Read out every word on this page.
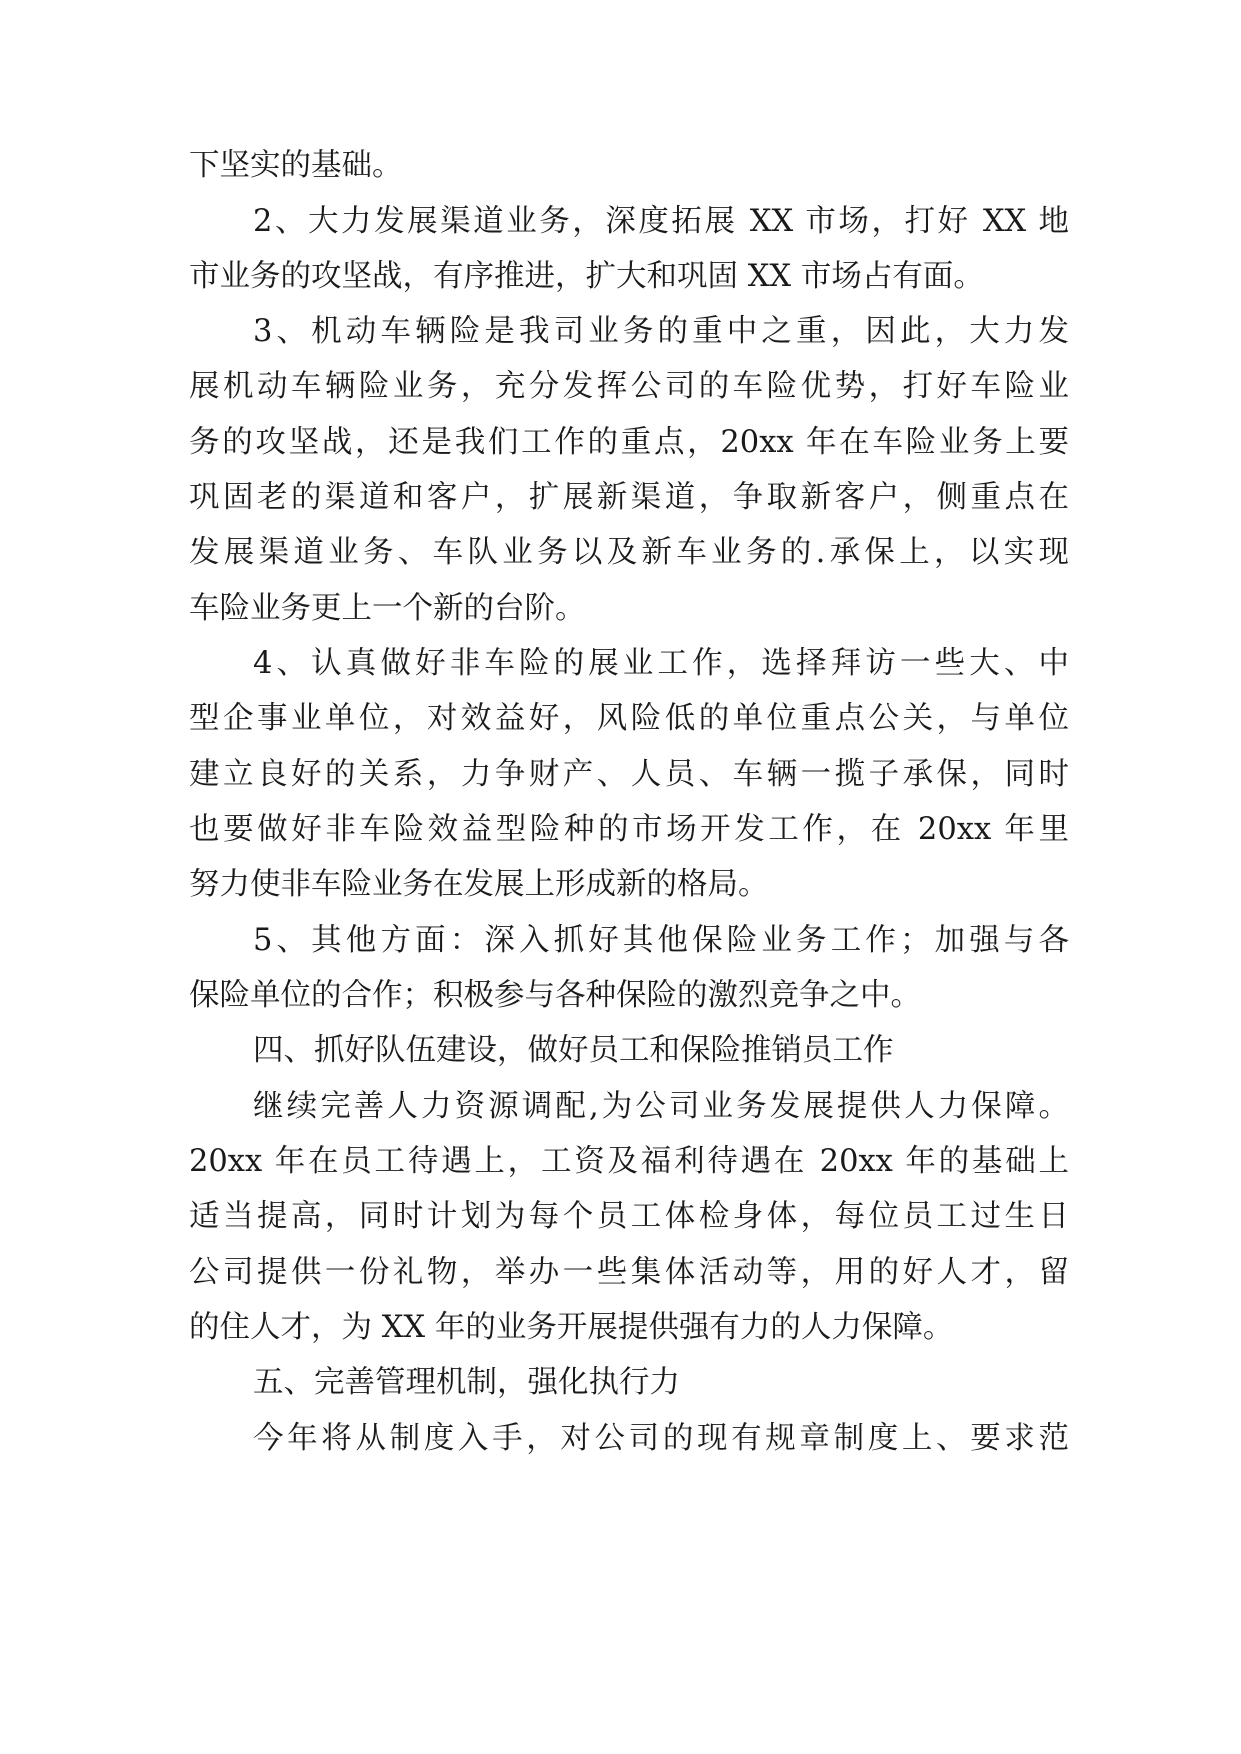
下坚实的基础。
2、大力发展渠道业务，深度拓展 XX 市场，打好 XX 地
市业务的攻坚战，有序推进，扩大和巩固 XX 市场占有面。
3、机动车辆险是我司业务的重中之重，因此，大力发
展机动车辆险业务，充分发挥公司的车险优势，打好车险业
务的攻坚战，还是我们工作的重点，20xx 年在车险业务上要
巩固老的渠道和客户，扩展新渠道，争取新客户，侧重点在
发展渠道业务、车队业务以及新车业务的.承保上，以实现
车险业务更上一个新的台阶。
4、认真做好非车险的展业工作，选择拜访一些大、中
型企事业单位，对效益好，风险低的单位重点公关，与单位
建立良好的关系，力争财产、人员、车辆一揽子承保，同时
也要做好非车险效益型险种的市场开发工作，在 20xx 年里
努力使非车险业务在发展上形成新的格局。
5、其他方面：深入抓好其他保险业务工作；加强与各
保险单位的合作；积极参与各种保险的激烈竞争之中。
四、抓好队伍建设，做好员工和保险推销员工作
继续完善人力资源调配,为公司业务发展提供人力保障。
20xx 年在员工待遇上，工资及福利待遇在 20xx 年的基础上
适当提高，同时计划为每个员工体检身体，每位员工过生日
公司提供一份礼物，举办一些集体活动等，用的好人才，留
的住人才，为 XX 年的业务开展提供强有力的人力保障。
五、完善管理机制，强化执行力
今年将从制度入手，对公司的现有规章制度上、要求范
